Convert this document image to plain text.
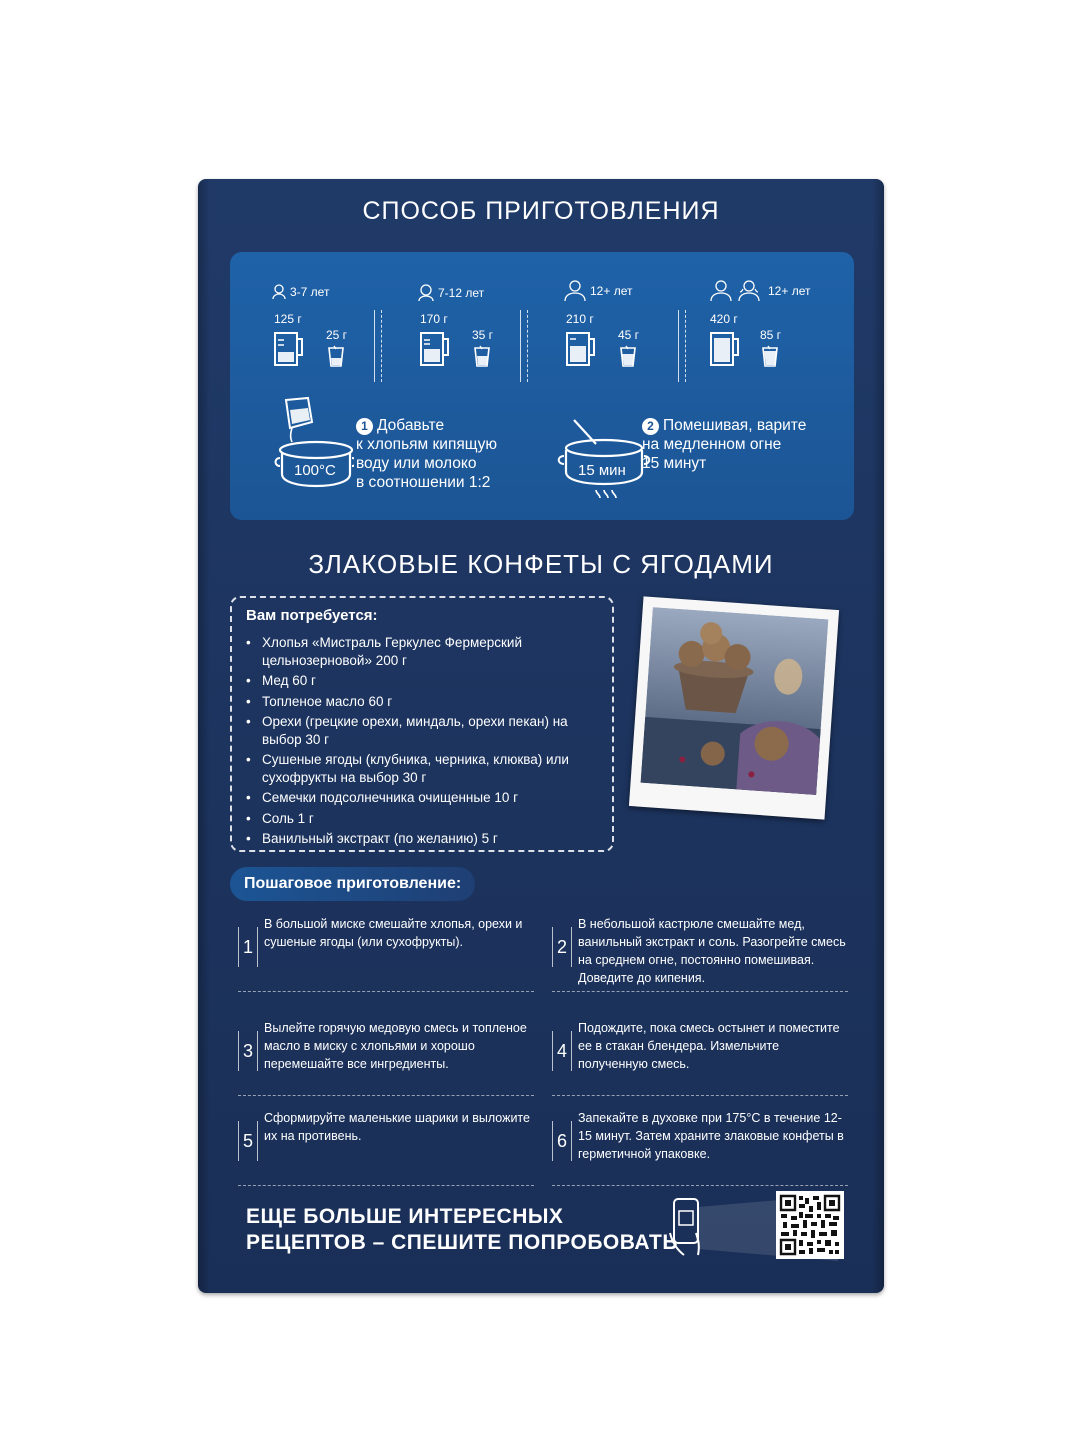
СПОСОБ ПРИГОТОВЛЕНИЯ
3-7 лет
125 г
25 г
7-12 лет
170 г
35 г
12+ лет
210 г
45 г
12+ лет
420 г
85 г
100°C
1 Добавьте
к хлопьям кипящую
воду или молоко
в соотношении 1:2
15 мин
2 Помешивая, варите
на медленном огне
15 минут
ЗЛАКОВЫЕ КОНФЕТЫ С ЯГОДАМИ
Вам потребуется:
• Хлопья «Мистраль Геркулес Фермерский цельнозерновой» 200 г
• Мед 60 г
• Топленое масло 60 г
• Орехи (грецкие орехи, миндаль, орехи пекан) на выбор 30 г
• Сушеные ягоды (клубника, черника, клюква) или сухофрукты на выбор 30 г
• Семечки подсолнечника очищенные 10 г
• Соль 1 г
• Ванильный экстракт (по желанию) 5 г
Пошаговое приготовление:
1
В большой миске смешайте хлопья, орехи и сушеные ягоды (или сухофрукты).	2
В небольшой кастрюле смешайте мед, ванильный экстракт и соль. Разогрейте смесь на среднем огне, постоянно помешивая. Доведите до кипения.
3
Вылейте горячую медовую смесь и топленое масло в миску с хлопьями и хорошо перемешайте все ингредиенты.
4
Подождите, пока смесь остынет и поместите ее в стакан блендера. Измельчите полученную смесь.
5
Сформируйте маленькие шарики и выложите их на противень.	6
Запекайте в духовке при 175°C в течение 12-15 минут. Затем храните злаковые конфеты в герметичной упаковке.
ЕЩЕ БОЛЬШЕ ИНТЕРЕСНЫХ
РЕЦЕПТОВ – СПЕШИТЕ ПОПРОБОВАТЬ
